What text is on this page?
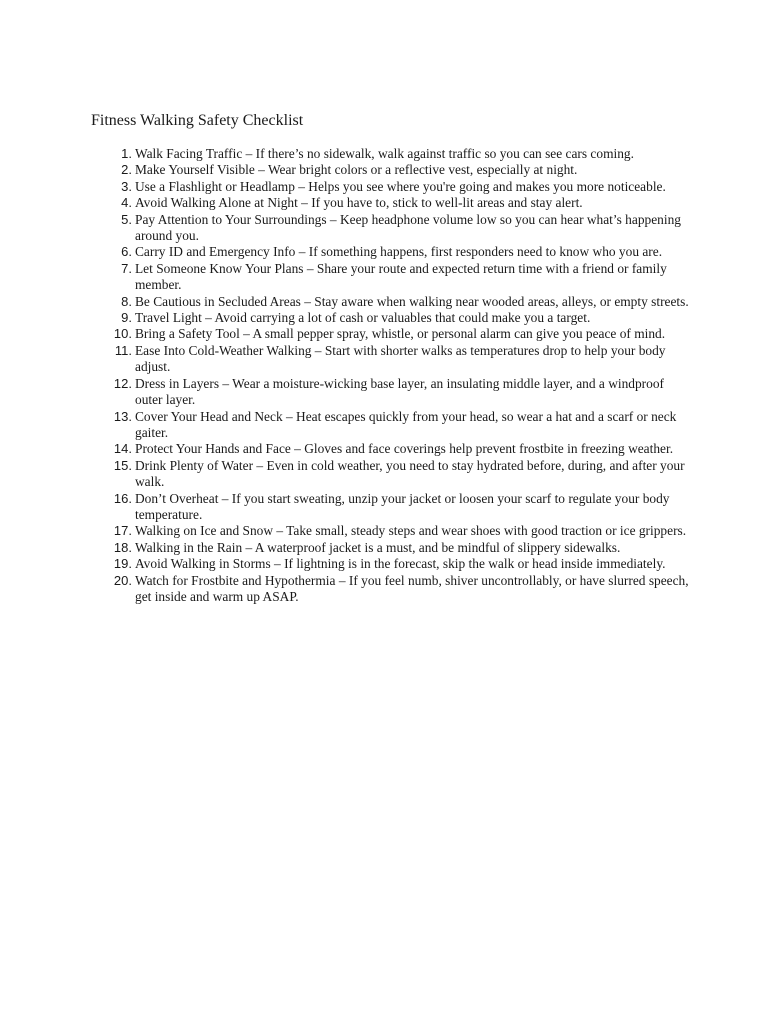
Fitness Walking Safety Checklist
1. Walk Facing Traffic – If there’s no sidewalk, walk against traffic so you can see cars coming.
2. Make Yourself Visible – Wear bright colors or a reflective vest, especially at night.
3. Use a Flashlight or Headlamp – Helps you see where you're going and makes you more noticeable.
4. Avoid Walking Alone at Night – If you have to, stick to well-lit areas and stay alert.
5. Pay Attention to Your Surroundings – Keep headphone volume low so you can hear what’s happening around you.
6. Carry ID and Emergency Info – If something happens, first responders need to know who you are.
7. Let Someone Know Your Plans – Share your route and expected return time with a friend or family member.
8. Be Cautious in Secluded Areas – Stay aware when walking near wooded areas, alleys, or empty streets.
9. Travel Light – Avoid carrying a lot of cash or valuables that could make you a target.
10. Bring a Safety Tool – A small pepper spray, whistle, or personal alarm can give you peace of mind.
11. Ease Into Cold-Weather Walking – Start with shorter walks as temperatures drop to help your body adjust.
12. Dress in Layers – Wear a moisture-wicking base layer, an insulating middle layer, and a windproof outer layer.
13. Cover Your Head and Neck – Heat escapes quickly from your head, so wear a hat and a scarf or neck gaiter.
14. Protect Your Hands and Face – Gloves and face coverings help prevent frostbite in freezing weather.
15. Drink Plenty of Water – Even in cold weather, you need to stay hydrated before, during, and after your walk.
16. Don’t Overheat – If you start sweating, unzip your jacket or loosen your scarf to regulate your body temperature.
17. Walking on Ice and Snow – Take small, steady steps and wear shoes with good traction or ice grippers.
18. Walking in the Rain – A waterproof jacket is a must, and be mindful of slippery sidewalks.
19. Avoid Walking in Storms – If lightning is in the forecast, skip the walk or head inside immediately.
20. Watch for Frostbite and Hypothermia – If you feel numb, shiver uncontrollably, or have slurred speech, get inside and warm up ASAP.
